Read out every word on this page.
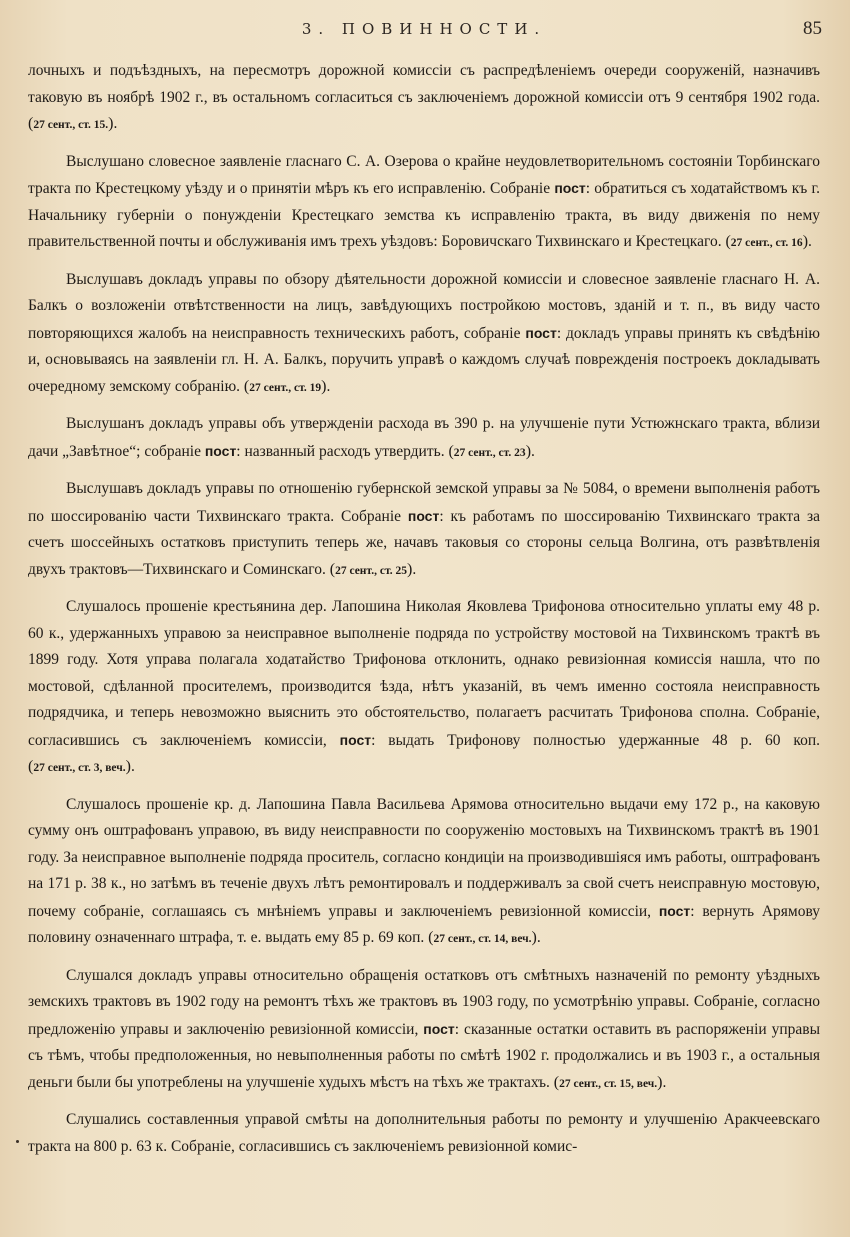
3. ПОВИННОСТИ.	85

лочныхъ и подъѣздныхъ, на пересмотръ дорожной комиссіи съ распредѣленіемъ очереди сооруженій, назначивъ таковую въ ноябрѣ 1902 г., въ остальномъ согласиться съ заключеніемъ дорожной комиссіи отъ 9 сентября 1902 года. (27 сент., ст. 15.).

Выслушано словесное заявленіе гласнаго С. А. Озерова о крайне неудовлетворительномъ состояніи Торбинскаго тракта по Крестецкому уѣзду и о принятіи мѣръ къ его исправленію. Собраніе пост: обратиться съ ходатайствомъ къ г. Начальнику губерніи о понужденіи Крестецкаго земства къ исправленію тракта, въ виду движенія по нему правительственной почты и обслуживанія имъ трехъ уѣздовъ: Боровичскаго Тихвинскаго и Крестецкаго. (27 сент., ст. 16).

Выслушавъ докладъ управы по обзору дѣятельности дорожной комиссіи и словесное заявленіе гласнаго Н. А. Балкъ о возложеніи отвѣтственности на лицъ, завѣдующихъ постройкою мостовъ, зданій и т. п., въ виду часто повторяющихся жалобъ на неисправность техническихъ работъ, собраніе пост: докладъ управы принять къ свѣдѣнію и, основываясь на заявленіи гл. Н. А. Балкъ, поручить управѣ о каждомъ случаѣ поврежденія построекъ докладывать очередному земскому собранію. (27 сент., ст. 19).

Выслушанъ докладъ управы объ утвержденіи расхода въ 390 р. на улучшеніе пути Устюжнскаго тракта, вблизи дачи „Завѣтное“; собраніе пост: названный расходъ утвердить. (27 сент., ст. 23).

Выслушавъ докладъ управы по отношенію губернской земской управы за № 5084, о времени выполненія работъ по шоссированію части Тихвинскаго тракта. Собраніе пост: къ работамъ по шоссированію Тихвинскаго тракта за счетъ шоссейныхъ остатковъ приступить теперь же, начавъ таковыя со стороны сельца Волгина, отъ развѣтвленія двухъ трактовъ—Тихвинскаго и Соминскаго. (27 сент., ст. 25).

Слушалось прошеніе крестьянина дер. Лапошина Николая Яковлева Трифонова относительно уплаты ему 48 р. 60 к., удержанныхъ управою за неисправное выполненіе подряда по устройству мостовой на Тихвинскомъ трактѣ въ 1899 году. Хотя управа полагала ходатайство Трифонова отклонить, однако ревизіонная комиссія нашла, что по мостовой, сдѣланной просителемъ, производится ѣзда, нѣтъ указаній, въ чемъ именно состояла неисправность подрядчика, и теперь невозможно выяснить это обстоятельство, полагаетъ расчитать Трифонова сполна. Собраніе, согласившись съ заключеніемъ комиссіи, пост: выдать Трифонову полностью удержанные 48 р. 60 коп. (27 сент., ст. 3, веч.).

Слушалось прошеніе кр. д. Лапошина Павла Васильева Арямова относительно выдачи ему 172 р., на каковую сумму онъ оштрафованъ управою, въ виду неисправности по сооруженію мостовыхъ на Тихвинскомъ трактѣ въ 1901 году. За неисправное выполненіе подряда проситель, согласно кондиціи на производившіяся имъ работы, оштрафованъ на 171 р. 38 к., но затѣмъ въ теченіе двухъ лѣтъ ремонтировалъ и поддерживалъ за свой счетъ неисправную мостовую, почему собраніе, соглашаясь съ мнѣніемъ управы и заключеніемъ ревизіонной комиссіи, пост: вернуть Арямову половину означеннаго штрафа, т. е. выдать ему 85 р. 69 коп. (27 сент., ст. 14, веч.).

Слушался докладъ управы относительно обращенія остатковъ отъ смѣтныхъ назначеній по ремонту уѣздныхъ земскихъ трактовъ въ 1902 году на ремонтъ тѣхъ же трактовъ въ 1903 году, по усмотрѣнію управы. Собраніе, согласно предложенію управы и заключенію ревизіонной комиссіи, пост: сказанные остатки оставить въ распоряженіи управы съ тѣмъ, чтобы предположенныя, но невыполненныя работы по смѣтѣ 1902 г. продолжались и въ 1903 г., а остальныя деньги были бы употреблены на улучшеніе худыхъ мѣстъ на тѣхъ же трактахъ. (27 сент., ст. 15, веч.).

Слушались составленныя управой смѣты на дополнительныя работы по ремонту и улучшенію Аракчеевскаго тракта на 800 р. 63 к. Собраніе, согласившись съ заключеніемъ ревизіонной комис-
